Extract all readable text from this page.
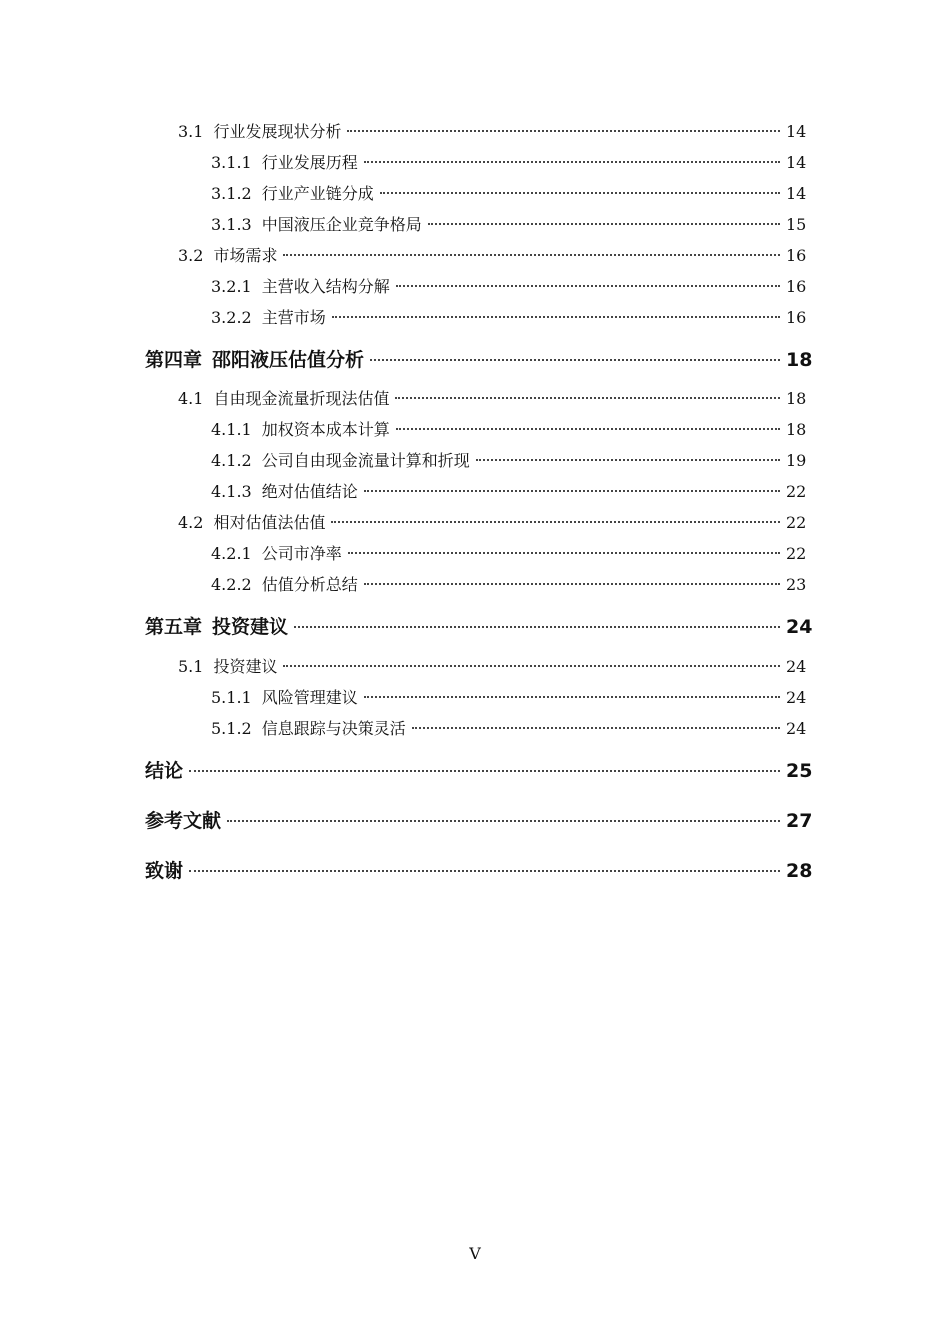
3.1 行业发展现状分析	14
3.1.1 行业发展历程	14
3.1.2 行业产业链分成	14
3.1.3 中国液压企业竞争格局	15
3.2 市场需求	16
3.2.1 主营收入结构分解	16
3.2.2 主营市场	16
第四章 邵阳液压估值分析	18
4.1 自由现金流量折现法估值	18
4.1.1 加权资本成本计算	18
4.1.2 公司自由现金流量计算和折现	19
4.1.3 绝对估值结论	22
4.2 相对估值法估值	22
4.2.1 公司市净率	22
4.2.2 估值分析总结	23
第五章 投资建议	24
5.1 投资建议	24
5.1.1 风险管理建议	24
5.1.2 信息跟踪与决策灵活	24
结论	25
参考文献	27
致谢	28
V
